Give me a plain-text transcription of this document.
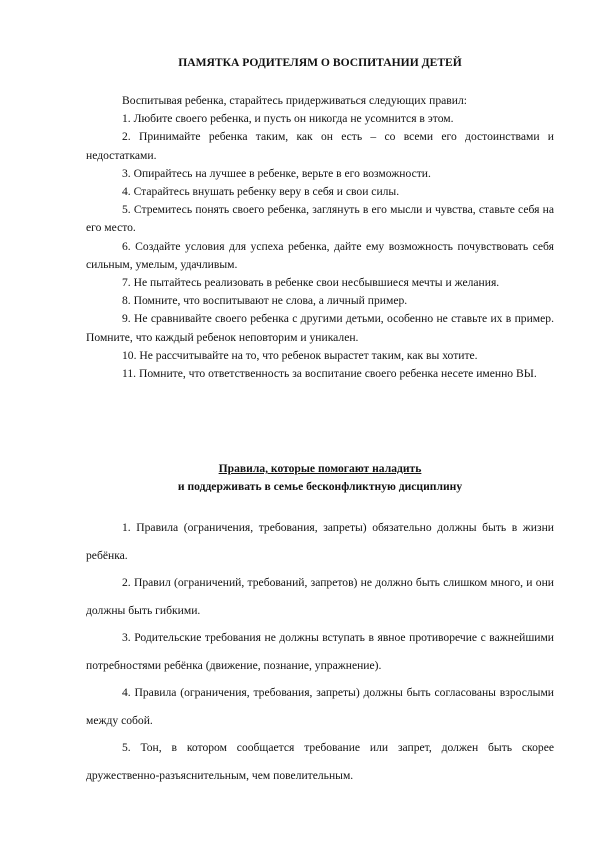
ПАМЯТКА РОДИТЕЛЯМ О ВОСПИТАНИИ ДЕТЕЙ

Воспитывая ребенка, старайтесь придерживаться следующих правил:

1. Любите своего ребенка, и пусть он никогда не усомнится в этом.

2. Принимайте ребенка таким, как он есть – со всеми его достоинствами и недостатками.

3. Опирайтесь на лучшее в ребенке, верьте в его возможности.

4. Старайтесь внушать ребенку веру в себя и свои силы.

5. Стремитесь понять своего ребенка, заглянуть в его мысли и чувства, ставьте себя на его место.

6. Создайте условия для успеха ребенка, дайте ему возможность почувствовать себя сильным, умелым, удачливым.

7. Не пытайтесь реализовать в ребенке свои несбывшиеся мечты и желания.

8. Помните, что воспитывают не слова, а личный пример.

9. Не сравнивайте своего ребенка с другими детьми, особенно не ставьте их в пример. Помните, что каждый ребенок неповторим и уникален.

10. Не рассчитывайте на то, что ребенок вырастет таким, как вы хотите.

11. Помните, что ответственность за воспитание своего ребенка несете именно ВЫ.

Правила, которые помогают наладить
и поддерживать в семье бесконфликтную дисциплину

1. Правила (ограничения, требования, запреты) обязательно должны быть в жизни ребёнка.

2. Правил (ограничений, требований, запретов) не должно быть слишком много, и они должны быть гибкими.

3. Родительские требования не должны вступать в явное противоречие с важнейшими потребностями ребёнка (движение, познание, упражнение).

4. Правила (ограничения, требования, запреты) должны быть согласованы взрослыми между собой.

5. Тон, в котором сообщается требование или запрет, должен быть скорее дружественно-разъяснительным, чем повелительным.
